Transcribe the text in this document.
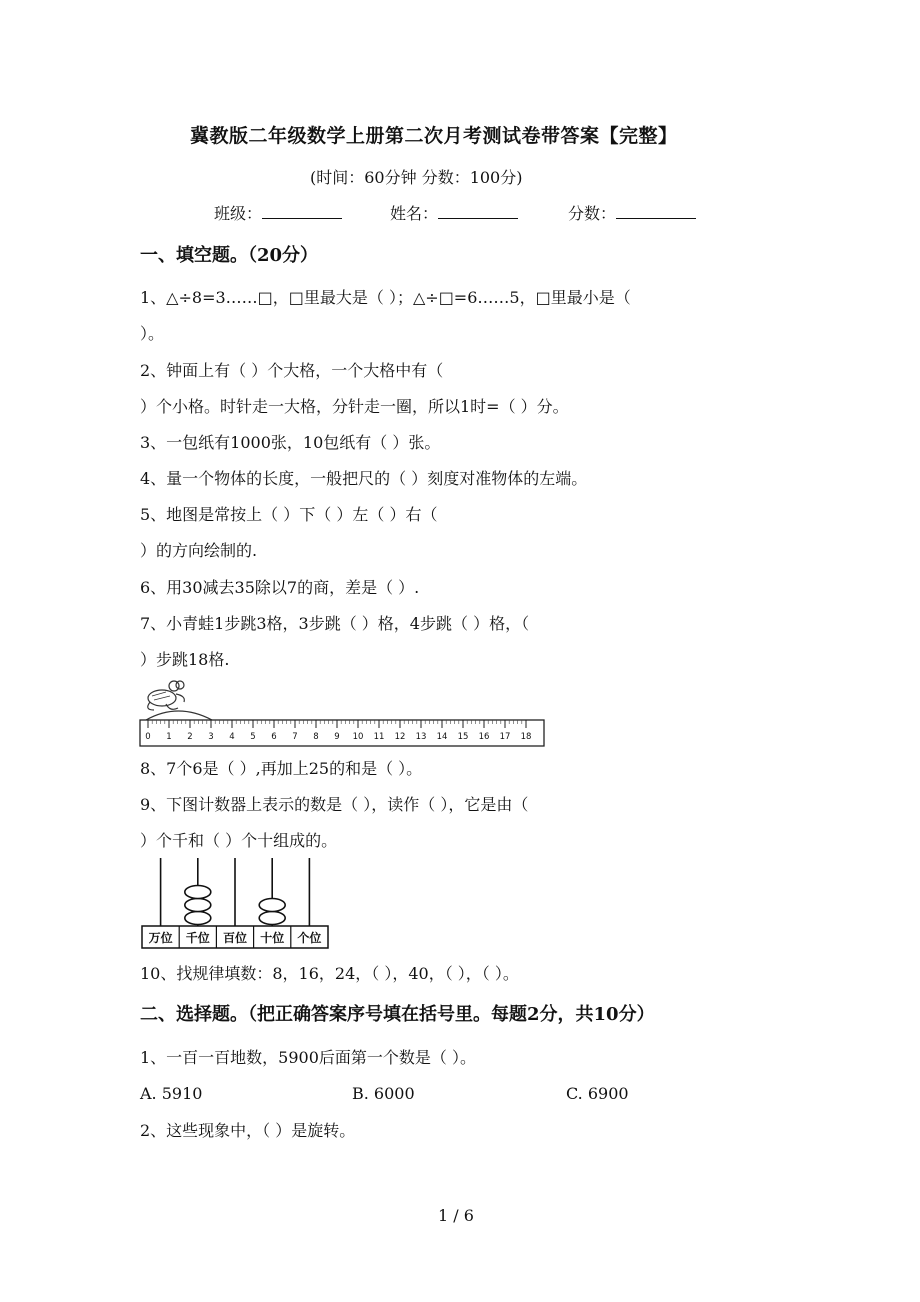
冀教版二年级数学上册第二次月考测试卷带答案【完整】
(时间：60分钟 分数：100分)
班级：	姓名：	分数：
一、填空题。（20分）
1、△÷8=3……□，□里最大是（ ）；△÷□=6……5，□里最小是（
）。
2、钟面上有（ ）个大格，一个大格中有（
）个小格。时针走一大格，分针走一圈，所以1时=（ ）分。
3、一包纸有1000张，10包纸有（ ）张。
4、量一个物体的长度，一般把尺的（ ）刻度对准物体的左端。
5、地图是常按上（ ）下（ ）左（ ）右（
）的方向绘制的.
6、用30减去35除以7的商，差是（ ）.
7、小青蛙1步跳3格，3步跳（ ）格，4步跳（ ）格，（
）步跳18格.
0 1 2 3 4 5 6 7 8 9 10 11 12 13 14 15 16 17 18
8、7个6是（ ）,再加上25的和是（ ）。
9、下图计数器上表示的数是（ ），读作（ ），它是由（
）个千和（ ）个十组成的。
万位 千位 百位 十位 个位
10、找规律填数：8，16，24，（ ），40，（ ），（ ）。
二、选择题。（把正确答案序号填在括号里。每题2分，共10分）
1、一百一百地数，5900后面第一个数是（ ）。
A. 5910	B. 6000	C. 6900
2、这些现象中，（ ）是旋转。
1 / 6
